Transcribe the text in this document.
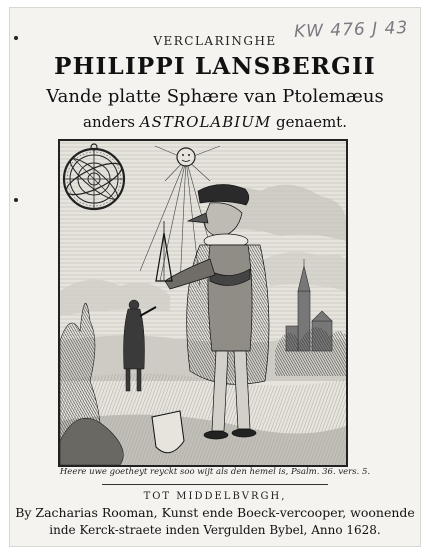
KW 476 J 43
VERCLARINGHE
PHILIPPI LANSBERGII
Vande platte Sphære van Ptolemæus
anders ASTROLABIUM genaemt.
Heere uwe goetheyt reyckt soo wijt als den hemel is, Psalm. 36. vers. 5.
TOT MIDDELBVRGH,
By Zacharias Rooman, Kunst ende Boeck-vercooper, woonende
inde Kerck-straete inden Vergulden Bybel, Anno 1628.
